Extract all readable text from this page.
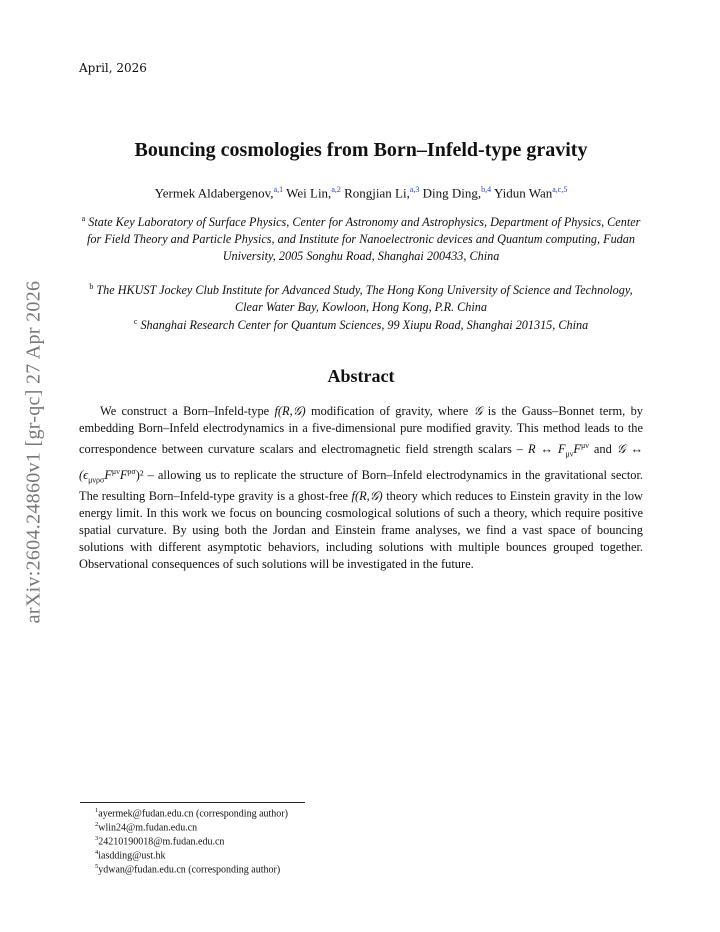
April, 2026
arXiv:2604.24860v1 [gr-qc] 27 Apr 2026
Bouncing cosmologies from Born–Infeld-type gravity
Yermek Aldabergenov,$^{a,1}$ Wei Lin,$^{a,2}$ Rongjian Li,$^{a,3}$ Ding Ding,$^{b,4}$ Yidun Wan$^{a,c,5}$
$^a$ State Key Laboratory of Surface Physics, Center for Astronomy and Astrophysics, Department of Physics, Center for Field Theory and Particle Physics, and Institute for Nanoelectronic devices and Quantum computing, Fudan University, 2005 Songhu Road, Shanghai 200433, China
$^b$ The HKUST Jockey Club Institute for Advanced Study, The Hong Kong University of Science and Technology, Clear Water Bay, Kowloon, Hong Kong, P.R. China
$^c$ Shanghai Research Center for Quantum Sciences, 99 Xiupu Road, Shanghai 201315, China
Abstract
We construct a Born–Infeld-type f(R,𝒢) modification of gravity, where 𝒢 is the Gauss–Bonnet term, by embedding Born–Infeld electrodynamics in a five-dimensional pure modified gravity. This method leads to the correspondence between curvature scalars and electromagnetic field strength scalars – R ↔ $F_{\mu\nu}F^{\mu\nu}$ and 𝒢 ↔ $(\epsilon_{\mu\nu\rho\sigma}F^{\mu\nu}F^{\rho\sigma})^2$ – allowing us to replicate the structure of Born–Infeld electrodynamics in the gravitational sector. The resulting Born–Infeld-type gravity is a ghost-free f(R,𝒢) theory which reduces to Einstein gravity in the low energy limit. In this work we focus on bouncing cosmological solutions of such a theory, which require positive spatial curvature. By using both the Jordan and Einstein frame analyses, we find a vast space of bouncing solutions with different asymptotic behaviors, including solutions with multiple bounces grouped together. Observational consequences of such solutions will be investigated in the future.
$^1$ayermek@fudan.edu.cn (corresponding author)
$^2$wlin24@m.fudan.edu.cn
$^3$24210190018@m.fudan.edu.cn
$^4$iasdding@ust.hk
$^5$ydwan@fudan.edu.cn (corresponding author)
